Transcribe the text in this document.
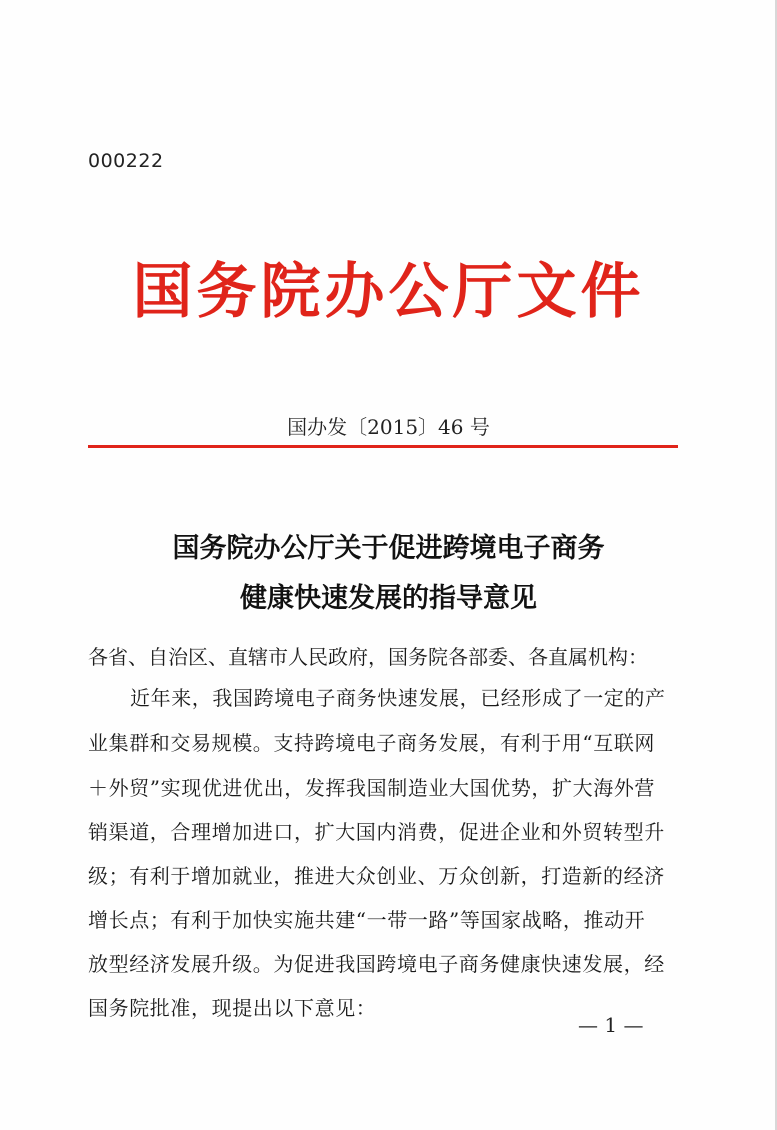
000222
国务院办公厅文件
国办发〔2015〕46 号
国务院办公厅关于促进跨境电子商务
健康快速发展的指导意见
各省、自治区、直辖市人民政府，国务院各部委、各直属机构：
近年来，我国跨境电子商务快速发展，已经形成了一定的产
业集群和交易规模。支持跨境电子商务发展，有利于用“互联网
＋外贸”实现优进优出，发挥我国制造业大国优势，扩大海外营
销渠道，合理增加进口，扩大国内消费，促进企业和外贸转型升
级；有利于增加就业，推进大众创业、万众创新，打造新的经济
增长点；有利于加快实施共建“一带一路”等国家战略，推动开
放型经济发展升级。为促进我国跨境电子商务健康快速发展，经
国务院批准，现提出以下意见：
— 1 —
